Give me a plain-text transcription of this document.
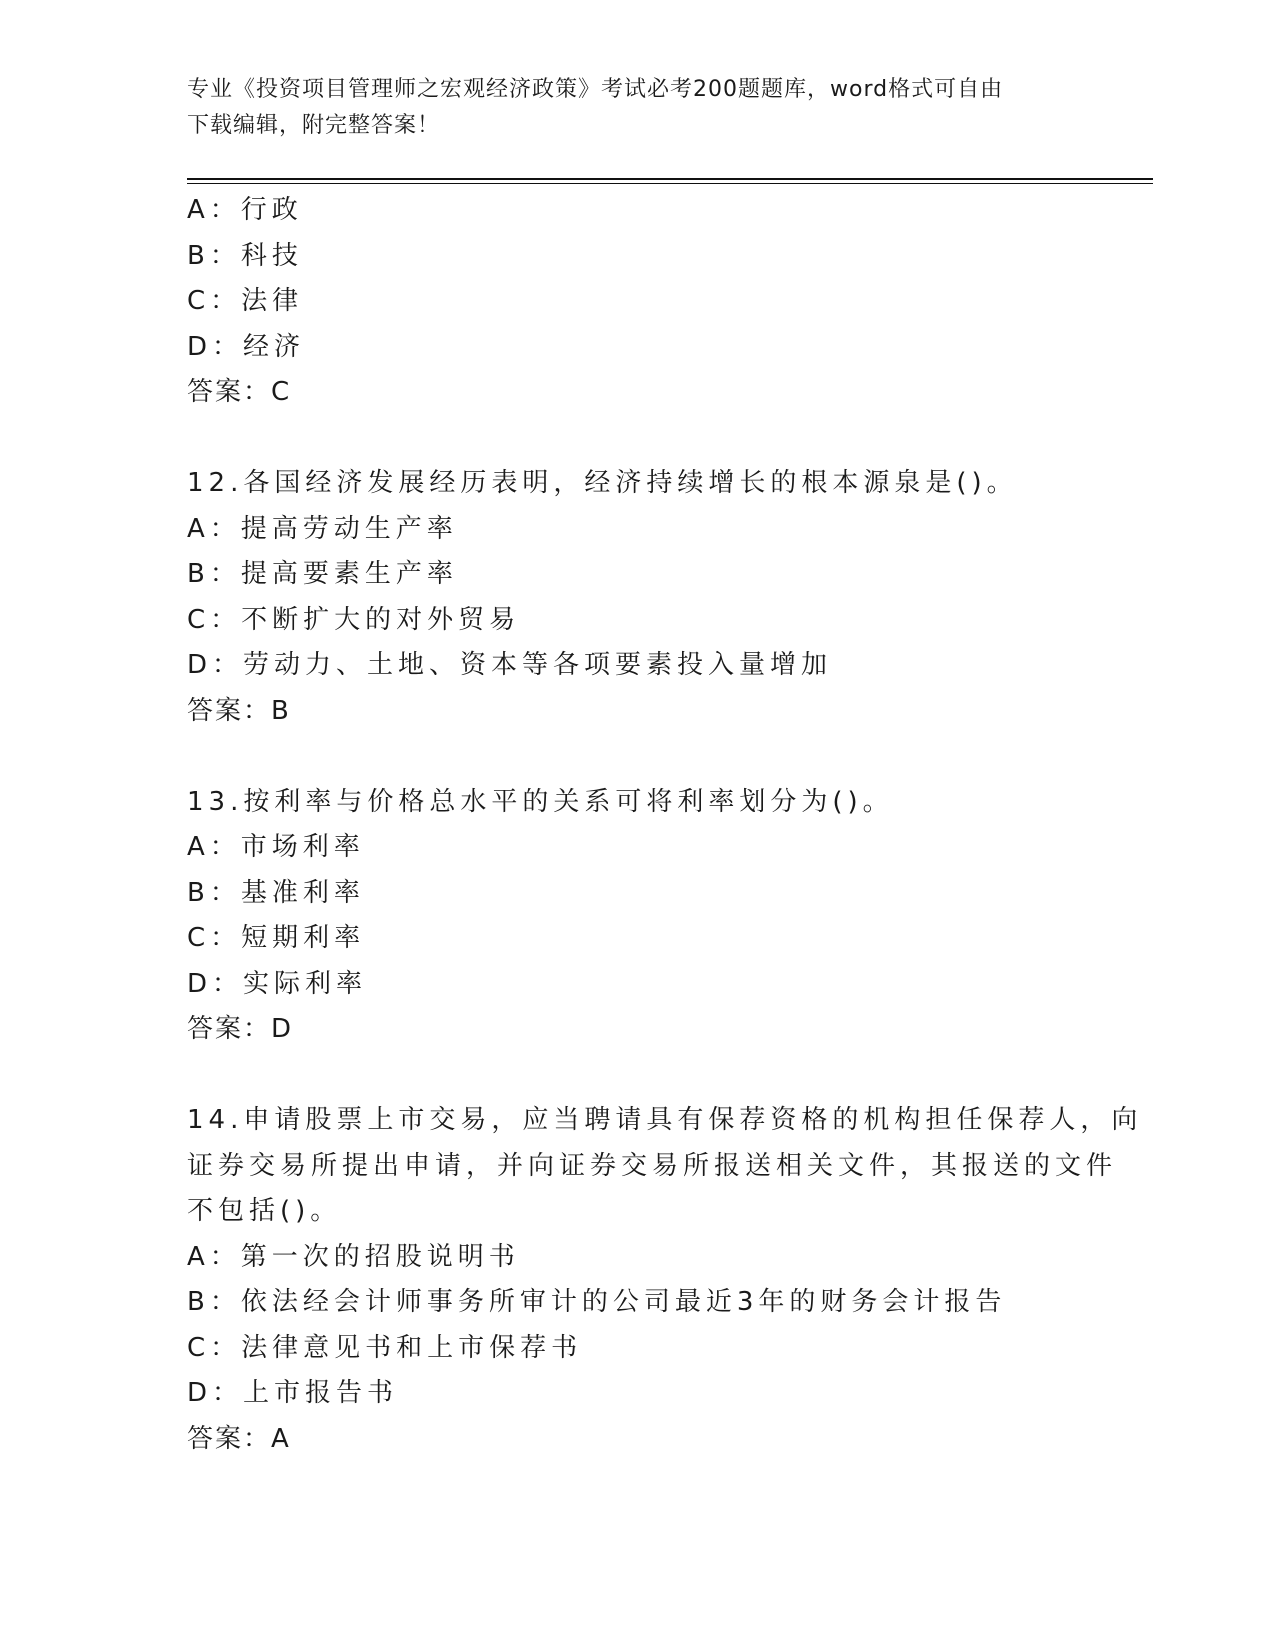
专业《投资项目管理师之宏观经济政策》考试必考200题题库，word格式可自由
下载编辑，附完整答案！
A：行政
B：科技
C：法律
D：经济
答案：C
12.各国经济发展经历表明，经济持续增长的根本源泉是()。
A：提高劳动生产率
B：提高要素生产率
C：不断扩大的对外贸易
D：劳动力、土地、资本等各项要素投入量增加
答案：B
13.按利率与价格总水平的关系可将利率划分为()。
A：市场利率
B：基准利率
C：短期利率
D：实际利率
答案：D
14.申请股票上市交易，应当聘请具有保荐资格的机构担任保荐人，向
证券交易所提出申请，并向证券交易所报送相关文件，其报送的文件
不包括()。
A：第一次的招股说明书
B：依法经会计师事务所审计的公司最近3年的财务会计报告
C：法律意见书和上市保荐书
D：上市报告书
答案：A
